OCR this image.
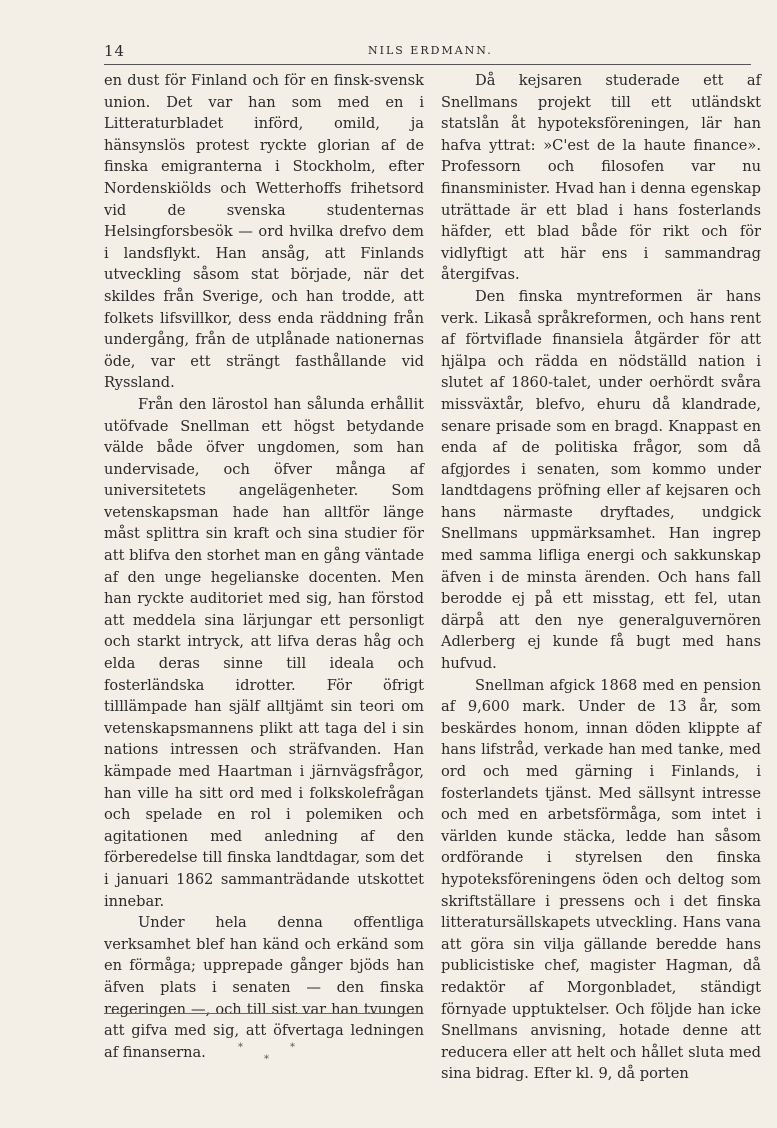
14	NILS ERDMANN.

en dust för Finland och för en finsk-svensk union. Det var han som med en i Litteraturbladet införd, omild, ja hänsynslös protest ryckte glorian af de finska emigranterna i Stockholm, efter Nordenskiölds och Wetterhoffs frihetsord vid de svenska studenternas Helsingforsbesök — ord hvilka drefvo dem i landsflykt. Han ansåg, att Finlands utveckling såsom stat började, när det skildes från Sverige, och han trodde, att folkets lifsvillkor, dess enda räddning från undergång, från de utplånade nationernas öde, var ett strängt fasthållande vid Ryssland.

Från den lärostol han sålunda erhållit utöfvade Snellman ett högst betydande välde både öfver ungdomen, som han undervisade, och öfver många af universitetets angelägenheter. Som vetenskapsman hade han alltför länge måst splittra sin kraft och sina studier för att blifva den storhet man en gång väntade af den unge hegelianske docenten. Men han ryckte auditoriet med sig, han förstod att meddela sina lärjungar ett personligt och starkt intryck, att lifva deras håg och elda deras sinne till ideala och fosterländska idrotter. För öfrigt tilllämpade han själf alltjämt sin teori om vetenskapsmannens plikt att taga del i sin nations intressen och sträfvanden. Han kämpade med Haartman i järnvägsfrågor, han ville ha sitt ord med i folkskolefrågan och spelade en rol i polemiken och agitationen med anledning af den förberedelse till finska landtdagar, som det i januari 1862 sammanträdande utskottet innebar.

Under hela denna offentliga verksamhet blef han känd och erkänd som en förmåga; upprepade gånger bjöds han äfven plats i senaten — den finska regeringen —, och till sist var han tvungen att gifva med sig, att öfvertaga ledningen af finanserna.	*	*
*

Då kejsaren studerade ett af Snellmans projekt till ett utländskt statslån åt hypoteksföreningen, lär han hafva yttrat: »C'est de la haute finance». Professorn och filosofen var nu finansminister. Hvad han i denna egenskap uträttade är ett blad i hans fosterlands häfder, ett blad både för rikt och för vidlyftigt att här ens i sammandrag återgifvas.

Den finska myntreformen är hans verk. Likaså språkreformen, och hans rent af förtviflade finansiela åtgärder för att hjälpa och rädda en nödställd nation i slutet af 1860-talet, under oerhördt svåra missväxtår, blefvo, ehuru då klandrade, senare prisade som en bragd. Knappast en enda af de politiska frågor, som då afgjordes i senaten, som kommo under landtdagens pröfning eller af kejsaren och hans närmaste dryftades, undgick Snellmans uppmärksamhet. Han ingrep med samma lifliga energi och sakkunskap äfven i de minsta ärenden. Och hans fall berodde ej på ett misstag, ett fel, utan därpå att den nye generalguvernören Adlerberg ej kunde få bugt med hans hufvud.

Snellman afgick 1868 med en pension af 9,600 mark. Under de 13 år, som beskärdes honom, innan döden klippte af hans lifstråd, verkade han med tanke, med ord och med gärning i Finlands, i fosterlandets tjänst. Med sällsynt intresse och med en arbetsförmåga, som intet i världen kunde stäcka, ledde han såsom ordförande i styrelsen den finska hypoteksföreningens öden och deltog som skriftställare i pressens och i det finska litteratursällskapets utveckling. Hans vana att göra sin vilja gällande beredde hans publicistiske chef, magister Hagman, då redaktör af Morgonbladet, ständigt förnyade upptuktelser. Och följde han icke Snellmans anvisning, hotade denne att reducera eller att helt och hållet sluta med sina bidrag. Efter kl. 9, då porten
